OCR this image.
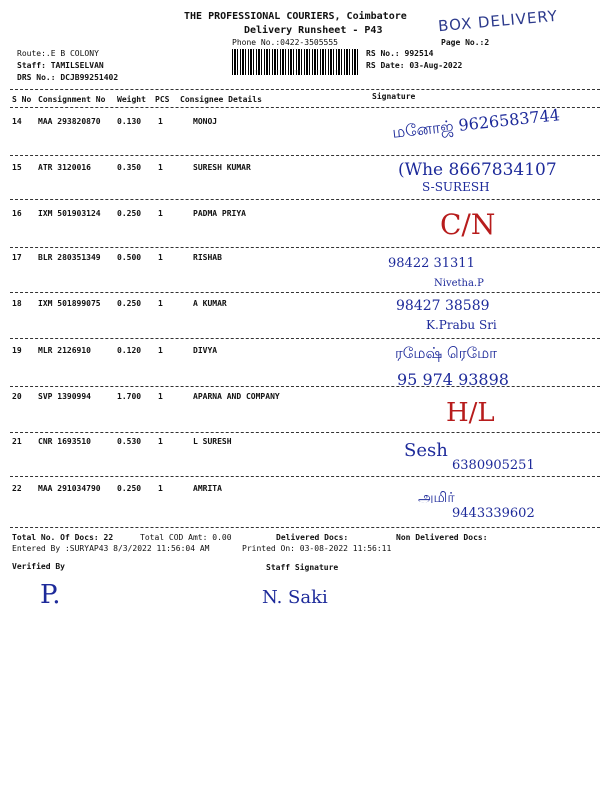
THE PROFESSIONAL COURIERS, Coimbatore
Delivery Runsheet - P43
Phone No.:0422-3505555	Page No.:2
BOX DELIVERY
Route:.E B COLONY
Staff: TAMILSELVAN
DRS No.: DCJB99251402
RS No.: 992514
RS Date: 03-Aug-2022
S No Consignment No Weight PCS Consignee Details	Signature
14 MAA 293820870 0.130 1	MONOJ	மனோஜ் 9626583744
15 ATR 3120016	0.350 1	SURESH KUMAR	(Whe 8667834107
S-SURESH
16 IXM 501903124 0.250 1	PADMA PRIYA	C/N
17 BLR 280351349 0.500 1	RISHAB	98422 31311
Nivetha.P
18 IXM 501899075 0.250 1	A KUMAR	98427 38589
K.Prabu Sri
19 MLR 2126910	0.120 1	DIVYA	ரமேஷ் ரெமோ
95 974 93898
20 SVP 1390994	1.700 1	APARNA AND COMPANY
H/L
21 CNR 1693510	0.530 1	L SURESH	Sesh
6380905251
22 MAA 291034790 0.250 1	AMRITA
அமிர்
9443339602
Total No. Of Docs: 22	Total COD Amt: 0.00	Delivered Docs:	Non Delivered Docs:
Entered By :SURYAP43 8/3/2022 11:56:04 AM	Printed On: 03-08-2022 11:56:11
Verified By	Staff Signature
P.	N. Saki
